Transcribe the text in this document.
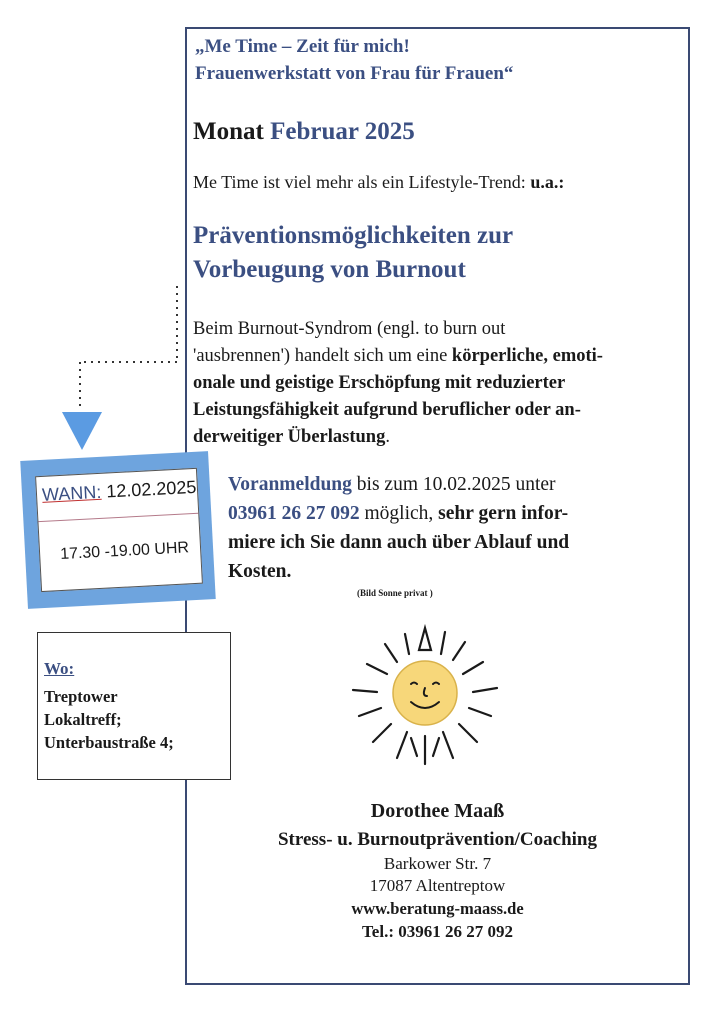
„Me Time – Zeit für mich!
Frauenwerkstatt von Frau für Frauen“
Monat Februar 2025
Me Time ist viel mehr als ein Lifestyle-Trend: u.a.:
Präventionsmöglichkeiten zur
Vorbeugung von Burnout
Beim Burnout-Syndrom (engl. to burn out
'ausbrennen') handelt sich um eine körperliche, emoti-
onale und geistige Erschöpfung mit reduzierter
Leistungsfähigkeit aufgrund beruflicher oder an-
derweitiger Überlastung.
Voranmeldung bis zum 10.02.2025 unter
03961 26 27 092 möglich, sehr gern infor-
miere ich Sie dann auch über Ablauf und
Kosten.
(Bild Sonne privat )
WANN: 12.02.2025
17.30 -19.00 UHR
Wo:
Treptower
Lokaltreff;
Unterbaustraße 4;
Dorothee Maaß
Stress- u. Burnoutprävention/Coaching
Barkower Str. 7
17087 Altentreptow
www.beratung-maass.de
Tel.: 03961 26 27 092
